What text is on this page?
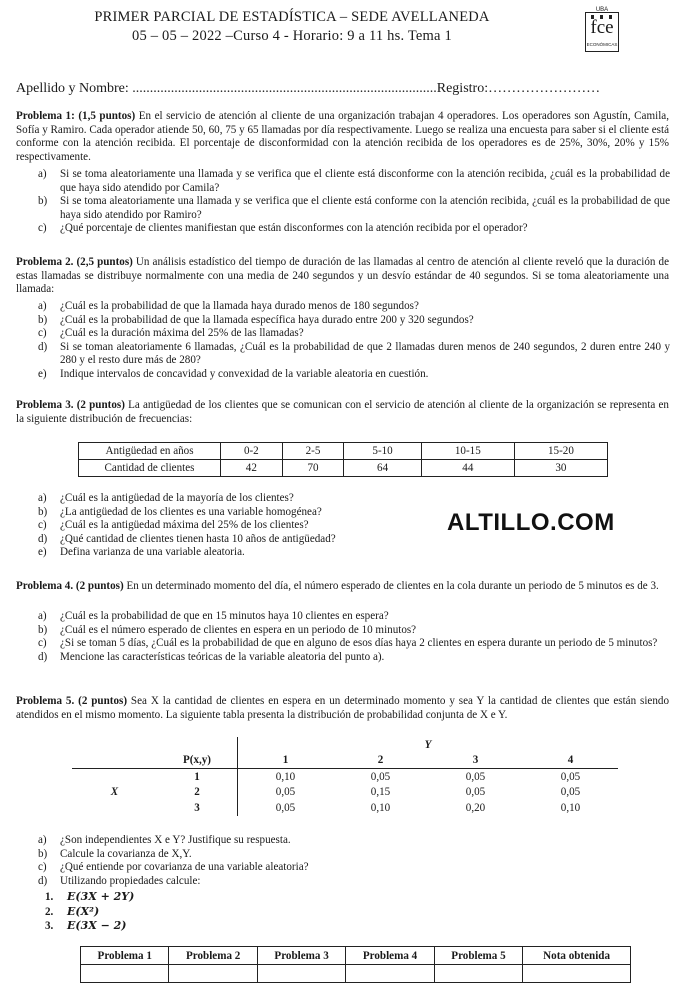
PRIMER PARCIAL DE ESTADÍSTICA – SEDE AVELLANEDA
05 – 05 – 2022 –Curso 4 - Horario: 9 a 11 hs. Tema 1
UBA
fce
ECONÓMICAS
Apellido y Nombre: .......................................................................................Registro:……………………
Problema 1: (1,5 puntos) En el servicio de atención al cliente de una organización trabajan 4 operadores. Los operadores son Agustín, Camila, Sofía y Ramiro. Cada operador atiende 50, 60, 75 y 65 llamadas por día respectivamente. Luego se realiza una encuesta para saber si el cliente está conforme con la atención recibida. El porcentaje de disconformidad con la atención recibida de los operadores es de 25%, 30%, 20% y 15% respectivamente.
a) Si se toma aleatoriamente una llamada y se verifica que el cliente está disconforme con la atención recibida, ¿cuál es la probabilidad de que haya sido atendido por Camila?
b) Si se toma aleatoriamente una llamada y se verifica que el cliente está conforme con la atención recibida, ¿cuál es la probabilidad de que haya sido atendido por Ramiro?
c) ¿Qué porcentaje de clientes manifiestan que están disconformes con la atención recibida por el operador?
Problema 2. (2,5 puntos) Un análisis estadístico del tiempo de duración de las llamadas al centro de atención al cliente reveló que la duración de estas llamadas se distribuye normalmente con una media de 240 segundos y un desvío estándar de 40 segundos. Si se toma aleatoriamente una llamada:
a) ¿Cuál es la probabilidad de que la llamada haya durado menos de 180 segundos?
b) ¿Cuál es la probabilidad de que la llamada específica haya durado entre 200 y 320 segundos?
c) ¿Cuál es la duración máxima del 25% de las llamadas?
d) Si se toman aleatoriamente 6 llamadas, ¿Cuál es la probabilidad de que 2 llamadas duren menos de 240 segundos, 2 duren entre 240 y 280 y el resto dure más de 280?
e) Indique intervalos de concavidad y convexidad de la variable aleatoria en cuestión.
Problema 3. (2 puntos) La antigüedad de los clientes que se comunican con el servicio de atención al cliente de la organización se representa en la siguiente distribución de frecuencias:
Antigüedad en años	0-2	2-5	5-10	10-15	15-20
Cantidad de clientes	42	70	64	44	30
a) ¿Cuál es la antigüedad de la mayoría de los clientes?
b) ¿La antigüedad de los clientes es una variable homogénea?
c) ¿Cuál es la antigüedad máxima del 25% de los clientes?
d) ¿Qué cantidad de clientes tienen hasta 10 años de antigüedad?
e) Defina varianza de una variable aleatoria.
ALTILLO.COM
Problema 4. (2 puntos) En un determinado momento del día, el número esperado de clientes en la cola durante un periodo de 5 minutos es de 3.
a) ¿Cuál es la probabilidad de que en 15 minutos haya 10 clientes en espera?
b) ¿Cuál es el número esperado de clientes en espera en un periodo de 10 minutos?
c) ¿Si se toman 5 días, ¿Cuál es la probabilidad de que en alguno de esos días haya 2 clientes en espera durante un periodo de 5 minutos?
d) Mencione las características teóricas de la variable aleatoria del punto a).
Problema 5. (2 puntos) Sea X la cantidad de clientes en espera en un determinado momento y sea Y la cantidad de clientes que están siendo atendidos en el mismo momento. La siguiente tabla presenta la distribución de probabilidad conjunta de X e Y.
			Y			
	P(x,y)		1	2	3	4
	1		0,10	0,05	0,05	0,05
X	2		0,05	0,15	0,05	0,05
	3		0,05	0,10	0,20	0,10
a) ¿Son independientes X e Y? Justifique su respuesta.
b) Calcule la covarianza de X,Y.
c) ¿Qué entiende por covarianza de una variable aleatoria?
d) Utilizando propiedades calcule:
1. E(3X + 2Y)
2. E(X²)
3. E(3X − 2)
Problema 1	Problema 2	Problema 3	Problema 4	Problema 5	Nota obtenida
